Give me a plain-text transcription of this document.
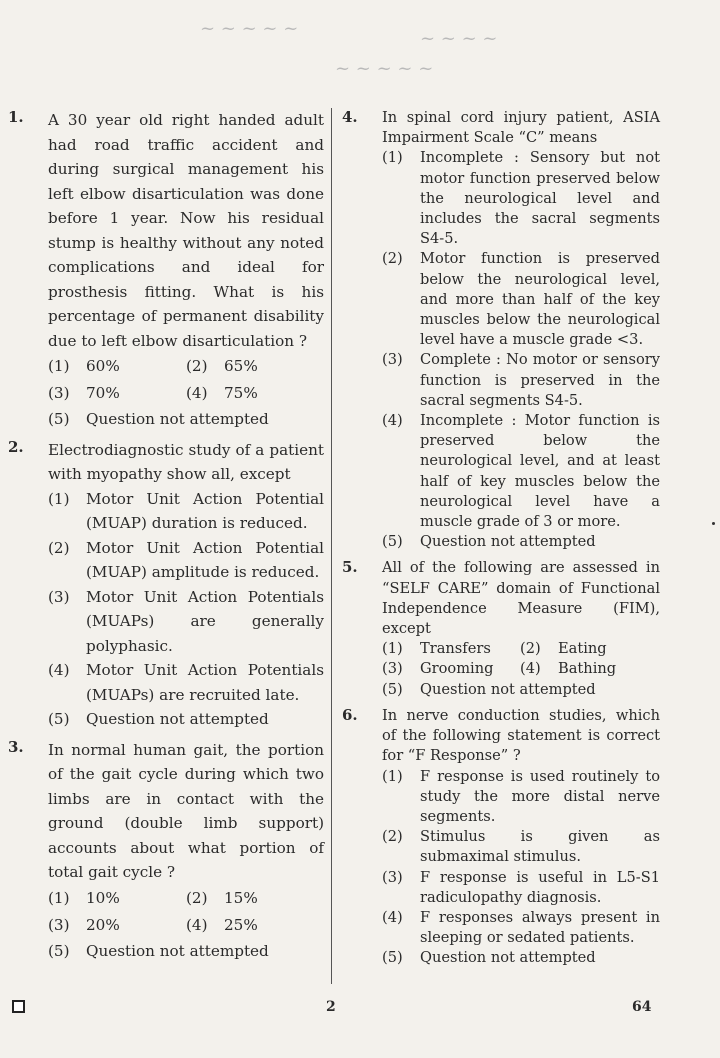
~ ~ ~ ~ ~	~ ~ ~ ~
~ ~ ~ ~ ~
1. A 30 year old right handed adult had road traffic accident and during surgical management his left elbow disarticulation was done before 1 year. Now his residual stump is healthy without any noted complications and ideal for prosthesis fitting. What is his percentage of permanent disability due to left elbow disarticulation ?
(1)	60%	(2)	65%
(3)	70%	(4)	75%
(5) Question not attempted
2. Electrodiagnostic study of a patient with myopathy show all, except
(1) Motor Unit Action Potential (MUAP) duration is reduced.
(2) Motor Unit Action Potential (MUAP) amplitude is reduced.
(3) Motor Unit Action Potentials (MUAPs) are generally polyphasic.
(4) Motor Unit Action Potentials (MUAPs) are recruited late.
(5) Question not attempted
3. In normal human gait, the portion of the gait cycle during which two limbs are in contact with the ground (double limb support) accounts about what portion of total gait cycle ?
(1)	10%	(2)	15%
(3)	20%	(4)	25%
(5) Question not attempted
4. In spinal cord injury patient, ASIA Impairment Scale “C” means
(1) Incomplete : Sensory but not motor function preserved below the neurological level and includes the sacral segments S4-5.
(2) Motor function is preserved below the neurological level, and more than half of the key muscles below the neurological level have a muscle grade <3.
(3) Complete : No motor or sensory function is preserved in the sacral segments S4-5.
(4) Incomplete : Motor function is preserved below the neurological level, and at least half of key muscles below the neurological level have a muscle grade of 3 or more.
(5) Question not attempted
5. All of the following are assessed in “SELF CARE” domain of Functional Independence Measure (FIM), except
(1)	Transfers (2)	Eating
(3)	Grooming (4)	Bathing
(5) Question not attempted
6. In nerve conduction studies, which of the following statement is correct for “F Response” ?
(1) F response is used routinely to study the more distal nerve segments.
(2) Stimulus is given as submaximal stimulus.
(3) F response is useful in L5-S1 radiculopathy diagnosis.
(4) F responses always present in sleeping or sedated patients.
(5) Question not attempted
2	64
